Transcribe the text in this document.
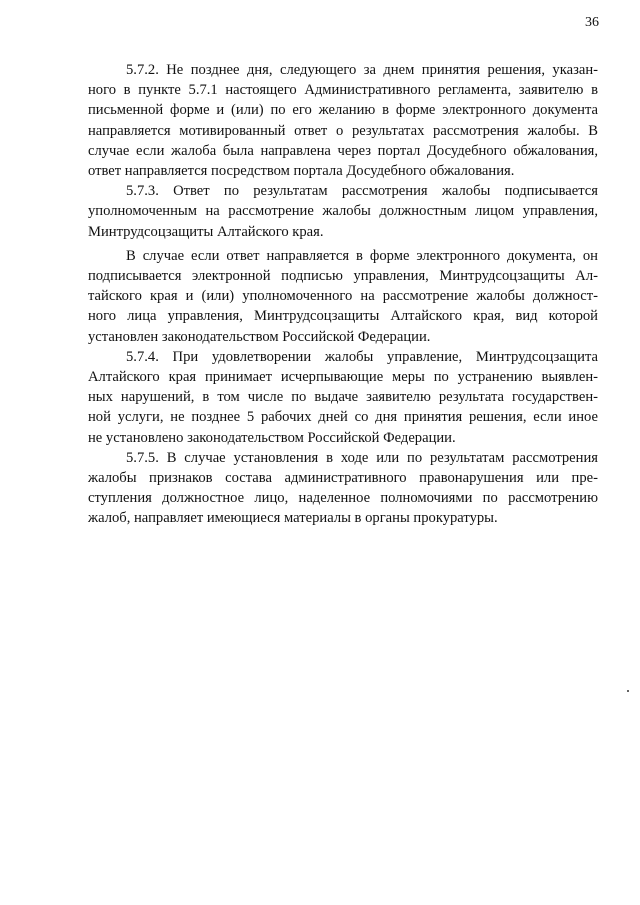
36
5.7.2. Не позднее дня, следующего за днем принятия решения, указан-
ного в пункте 5.7.1 настоящего Административного регламента, заявителю в
письменной форме и (или) по его желанию в форме электронного документа
направляется мотивированный ответ о результатах рассмотрения жалобы. В
случае если жалоба была направлена через портал Досудебного обжалования,
ответ направляется посредством портала Досудебного обжалования.
5.7.3. Ответ по результатам рассмотрения жалобы подписывается
уполномоченным на рассмотрение жалобы должностным лицом управления,
Минтрудсоцзащиты Алтайского края.
В случае если ответ направляется в форме электронного документа, он
подписывается электронной подписью управления, Минтрудсоцзащиты Ал-
тайского края и (или) уполномоченного на рассмотрение жалобы должност-
ного лица управления, Минтрудсоцзащиты Алтайского края, вид которой
установлен законодательством Российской Федерации.
5.7.4. При удовлетворении жалобы управление, Минтрудсоцзащита
Алтайского края принимает исчерпывающие меры по устранению выявлен-
ных нарушений, в том числе по выдаче заявителю результата государствен-
ной услуги, не позднее 5 рабочих дней со дня принятия решения, если иное
не установлено законодательством Российской Федерации.
5.7.5. В случае установления в ходе или по результатам рассмотрения
жалобы признаков состава административного правонарушения или пре-
ступления должностное лицо, наделенное полномочиями по рассмотрению
жалоб, направляет имеющиеся материалы в органы прокуратуры.
